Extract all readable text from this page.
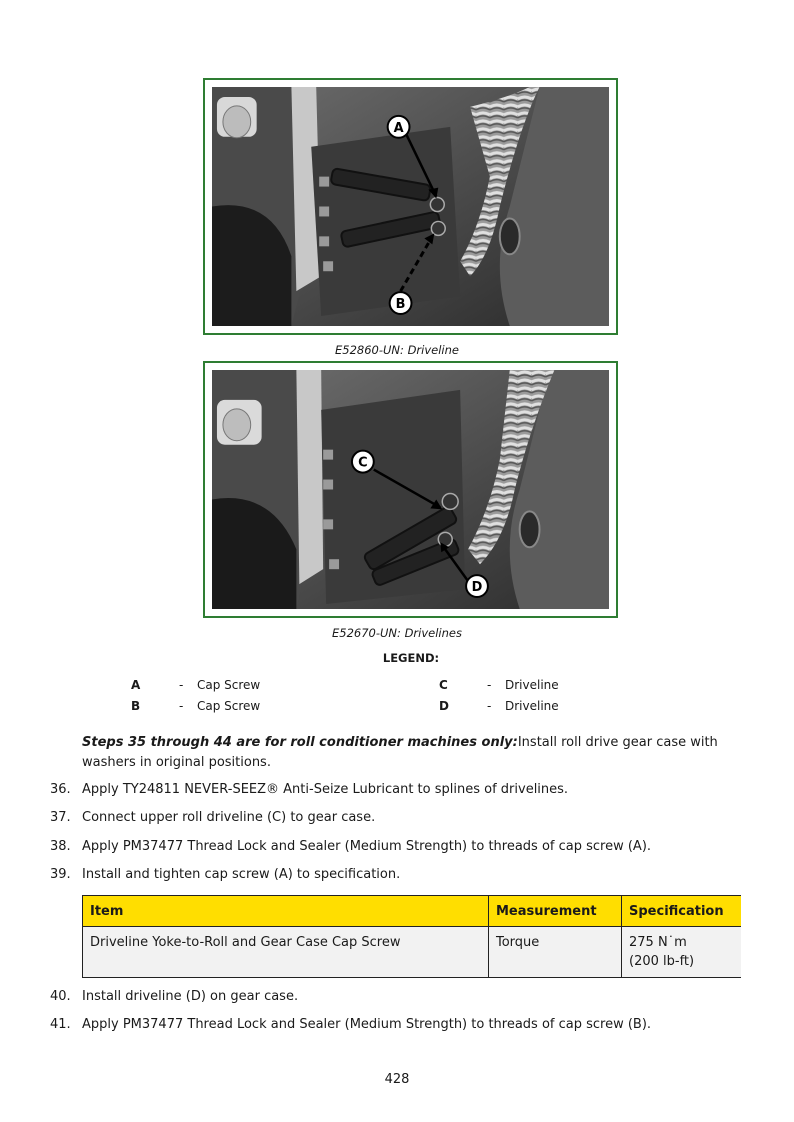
A
B
E52860-UN: Driveline
C
D
E52670-UN: Drivelines
LEGEND:
A	- Cap Screw
B	- Cap Screw
C	- Driveline
D	- Driveline
Steps 35 through 44 are for roll conditioner machines only:Install roll drive gear case with washers in original positions.
36. Apply TY24811 NEVER-SEEZ® Anti-Seize Lubricant to splines of drivelines.
37. Connect upper roll driveline (C) to gear case.
38. Apply PM37477 Thread Lock and Sealer (Medium Strength) to threads of cap screw (A).
39. Install and tighten cap screw (A) to specification.
Item	Measurement	Specification
Driveline Yoke-to-Roll and Gear Case Cap Screw	Torque	275 N˙m
(200 lb-ft)
40. Install driveline (D) on gear case.
41. Apply PM37477 Thread Lock and Sealer (Medium Strength) to threads of cap screw (B).
428
